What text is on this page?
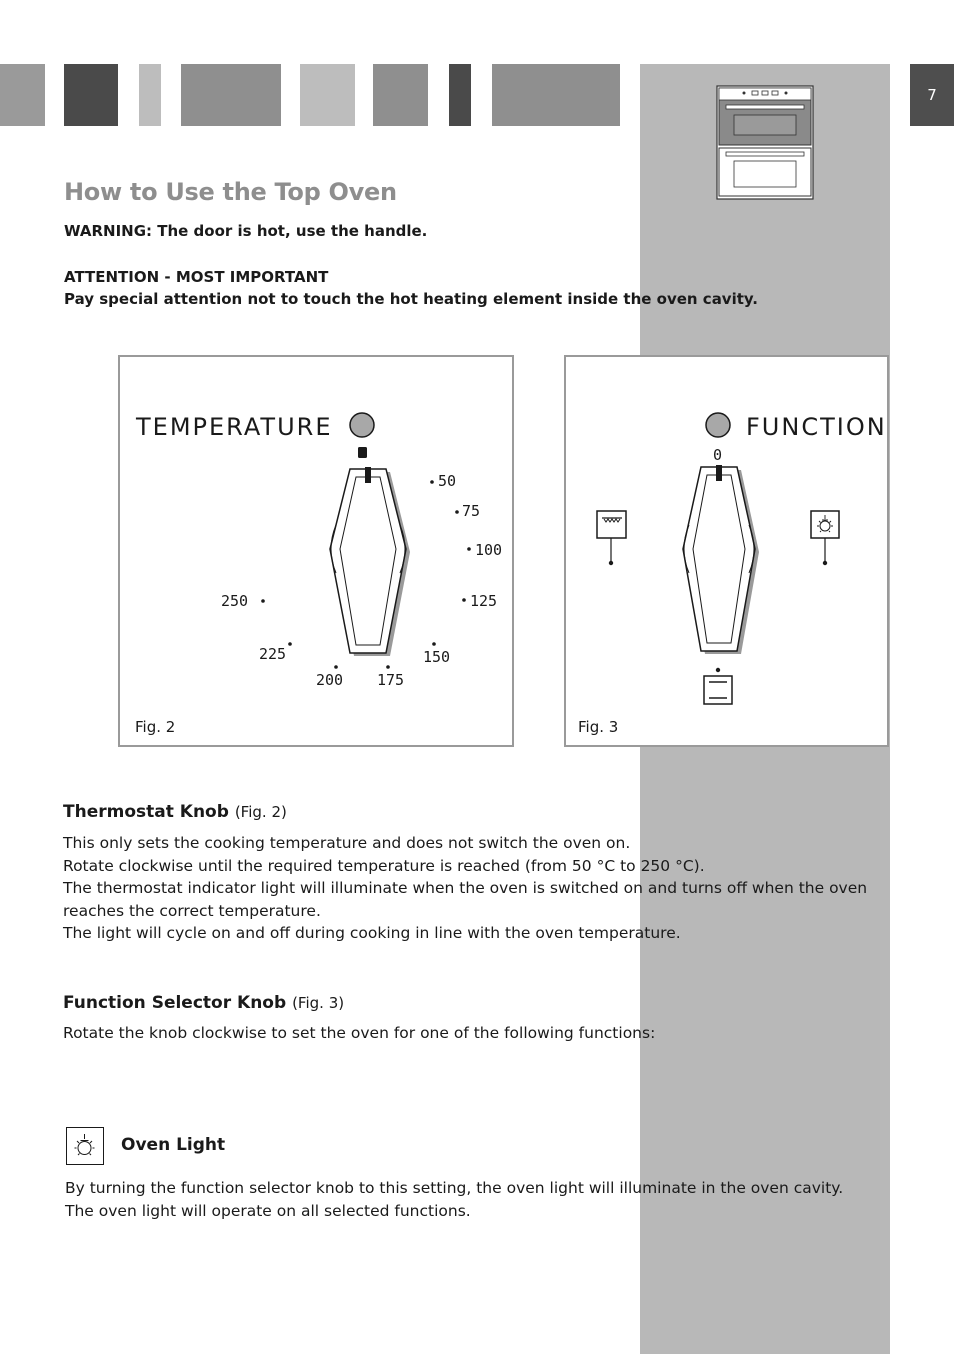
7
How to Use the Top Oven
WARNING: The door is hot, use the handle.
ATTENTION - MOST IMPORTANT
Pay special attention not to touch the hot heating element inside the oven cavity.
TEMPERATURE
50
75
100
125
150
175
200
225
250
Fig. 2
FUNCTION
0
Fig. 3
Thermostat Knob (Fig. 2)
This only sets the cooking temperature and does not switch the oven on.
Rotate clockwise until the required temperature is reached (from 50 °C to 250 °C).
The thermostat indicator light will illuminate when the oven is switched on and turns off when the oven
reaches the correct temperature.
The light will cycle on and off during cooking in line with the oven temperature.
Function Selector Knob (Fig. 3)
Rotate the knob clockwise to set the oven for one of the following functions:
Oven Light
By turning the function selector knob to this setting, the oven light will illuminate in the oven cavity.
The oven light will operate on all selected functions.
